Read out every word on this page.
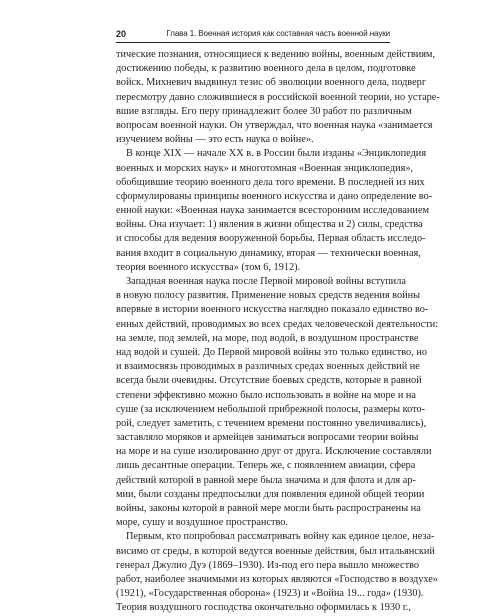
20	Глава 1. Военная история как составная часть военной науки
тические познания, относящиеся к ведению войны, военным действиям,
достижению победы, к развитию военного дела в целом, подготовке
войск. Михневич выдвинул тезис об эволюции военного дела, подверг
пересмотру давно сложившиеся в российской военной теории, но устаре-
вшие взгляды. Его перу принадлежит более 30 работ по различным
вопросам военной науки. Он утверждал, что военная наука «занимается
изучением войны — это есть наука о войне».
В конце XIX — начале XX в. в России были изданы «Энциклопедия
военных и морских наук» и многотомная «Военная энциклопедия»,
обобщившие теорию военного дела того времени. В последней из них
сформулированы принципы военного искусства и дано определение во-
енной науки: «Военная наука занимается всесторонним исследованием
войны. Она изучает: 1) явления в жизни общества и 2) силы, средства
и способы для ведения вооруженной борьбы. Первая область исследо-
вания входит в социальную динамику, вторая — технически военная,
теория военного искусства» (том 6, 1912).
Западная военная наука после Первой мировой войны вступила
в новую полосу развития. Применение новых средств ведения войны
впервые в истории военного искусства наглядно показало единство во-
енных действий, проводимых во всех средах человеческой деятельности:
на земле, под землей, на море, под водой, в воздушном пространстве
над водой и сушей. До Первой мировой войны это только единство, но
и взаимосвязь проводимых в различных средах военных действий не
всегда были очевидны. Отсутствие боевых средств, которые в равной
степени эффективно можно было использовать в войне на море и на
суше (за исключением небольшой прибрежной полосы, размеры кото-
рой, следует заметить, с течением времени постоянно увеличивались),
заставляло моряков и армейцев заниматься вопросами теории войны
на море и на суше изолированно друг от друга. Исключение составляли
лишь десантные операции. Теперь же, с появлением авиации, сфера
действий которой в равной мере была значима и для флота и для ар-
мии, были созданы предпосылки для появления единой общей теории
войны, законы которой в равной мере могли быть распространены на
море, сушу и воздушное пространство.
Первым, кто попробовал рассматривать войну как единое целое, неза-
висимо от среды, в которой ведутся военные действия, был итальянский
генерал Джулио Дуэ (1869–1930). Из-под его пера вышло множество
работ, наиболее значимыми из которых являются «Господство в воздухе»
(1921), «Государственная оборона» (1923) и «Война 19... года» (1930).
Теория воздушного господства окончательно оформилась к 1930 г.,
